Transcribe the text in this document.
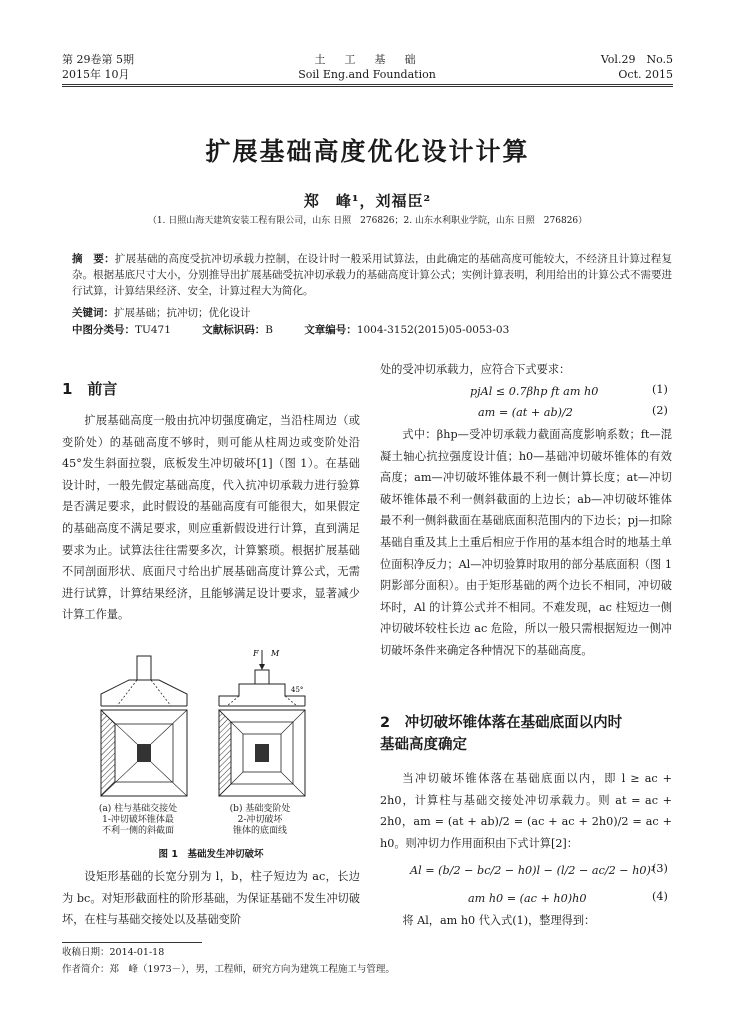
第 29卷第 5期
2015年 10月
土　工　基　础
Soil Eng.and Foundation
Vol.29　No.5
Oct. 2015
扩展基础高度优化设计计算
郑　峰¹，刘福臣²
（1. 日照山海天建筑安装工程有限公司，山东 日照　276826；2. 山东水利职业学院，山东 日照　276826）
摘　要：扩展基础的高度受抗冲切承载力控制，在设计时一般采用试算法，由此确定的基础高度可能较大，不经济且计算过程复杂。根据基底尺寸大小，分别推导出扩展基础受抗冲切承载力的基础高度计算公式；实例计算表明，利用给出的计算公式不需要进行试算，计算结果经济、安全，计算过程大为简化。
关键词：扩展基础；抗冲切；优化设计
中图分类号：TU471	文献标识码：B	文章编号：1004-3152(2015)05-0053-03
1　前言
扩展基础高度一般由抗冲切强度确定，当沿柱周边（或变阶处）的基础高度不够时，则可能从柱周边或变阶处沿 45°发生斜面拉裂，底板发生冲切破坏[1]（图 1）。在基础设计时，一般先假定基础高度，代入抗冲切承载力进行验算是否满足要求，此时假设的基础高度有可能很大，如果假定的基础高度不满足要求，则应重新假设进行计算，直到满足要求为止。试算法往往需要多次，计算繁琐。根据扩展基础不同剖面形状、底面尺寸给出扩展基础高度计算公式，无需进行试算，计算结果经济，且能够满足设计要求，显著减少计算工作量。
F M
45°
(a) 柱与基础交接处
1-冲切破坏锥体最
不利一侧的斜截面
(b) 基础变阶处
2-冲切破坏
锥体的底面线
图 1　基础发生冲切破坏
设矩形基础的长宽分别为 l，b，柱子短边为 ac，长边为 bc。对矩形截面柱的阶形基础，为保证基础不发生冲切破坏，在柱与基础交接处以及基础变阶
处的受冲切承载力，应符合下式要求：
pjAl ≤ 0.7βhp ft am h0	(1)
am = (at + ab)/2	(2)
式中：βhp—受冲切承载力截面高度影响系数；ft—混凝土轴心抗拉强度设计值；h0—基础冲切破坏锥体的有效高度；am—冲切破坏锥体最不利一侧计算长度；at—冲切破坏锥体最不利一侧斜截面的上边长；ab—冲切破坏锥体最不利一侧斜截面在基础底面积范围内的下边长；pj—扣除基础自重及其上土重后相应于作用的基本组合时的地基土单位面积净反力；Al—冲切验算时取用的部分基底面积（图 1 阴影部分面积）。由于矩形基础的两个边长不相同，冲切破坏时，Al 的计算公式并不相同。不难发现，ac 柱短边一侧冲切破坏较柱长边 ac 危险，所以一般只需根据短边一侧冲切破坏条件来确定各种情况下的基础高度。
2　冲切破坏锥体落在基础底面以内时
基础高度确定
当冲切破坏锥体落在基础底面以内，即 l ≥ ac + 2h0，计算柱与基础交接处冲切承载力。则 at = ac + 2h0，am = (at + ab)/2 = (ac + ac + 2h0)/2 = ac + h0。则冲切力作用面积由下式计算[2]：
Al = (b/2 − bc/2 − h0)l − (l/2 − ac/2 − h0)²
(3)
am h0 = (ac + h0)h0	(4)
将 Al，am h0 代入式(1)，整理得到：
收稿日期：2014-01-18
作者简介：郑　峰（1973－），男，工程师，研究方向为建筑工程施工与管理。
